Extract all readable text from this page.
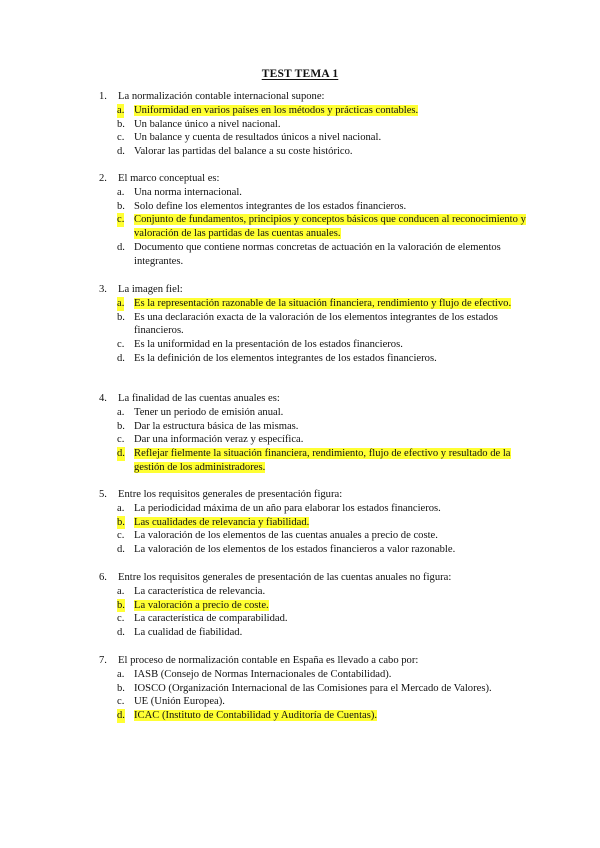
TEST TEMA 1
1. La normalización contable internacional supone:
a. Uniformidad en varios países en los métodos y prácticas contables.
b. Un balance único a nivel nacional.
c. Un balance y cuenta de resultados únicos a nivel nacional.
d. Valorar las partidas del balance a su coste histórico.
2. El marco conceptual es:
a. Una norma internacional.
b. Solo define los elementos integrantes de los estados financieros.
c. Conjunto de fundamentos, principios y conceptos básicos que conducen al reconocimiento y valoración de las partidas de las cuentas anuales.
d. Documento que contiene normas concretas de actuación en la valoración de elementos integrantes.
3. La imagen fiel:
a. Es la representación razonable de la situación financiera, rendimiento y flujo de efectivo.
b. Es una declaración exacta de la valoración de los elementos integrantes de los estados financieros.
c. Es la uniformidad en la presentación de los estados financieros.
d. Es la definición de los elementos integrantes de los estados financieros.
4. La finalidad de las cuentas anuales es:
a. Tener un periodo de emisión anual.
b. Dar la estructura básica de las mismas.
c. Dar una información veraz y específica.
d. Reflejar fielmente la situación financiera, rendimiento, flujo de efectivo y resultado de la gestión de los administradores.
5. Entre los requisitos generales de presentación figura:
a. La periodicidad máxima de un año para elaborar los estados financieros.
b. Las cualidades de relevancia y fiabilidad.
c. La valoración de los elementos de las cuentas anuales a precio de coste.
d. La valoración de los elementos de los estados financieros a valor razonable.
6. Entre los requisitos generales de presentación de las cuentas anuales no figura:
a. La característica de relevancia.
b. La valoración a precio de coste.
c. La característica de comparabilidad.
d. La cualidad de fiabilidad.
7. El proceso de normalización contable en España es llevado a cabo por:
a. IASB (Consejo de Normas Internacionales de Contabilidad).
b. IOSCO (Organización Internacional de las Comisiones para el Mercado de Valores).
c. UE (Unión Europea).
d. ICAC (Instituto de Contabilidad y Auditoría de Cuentas).
